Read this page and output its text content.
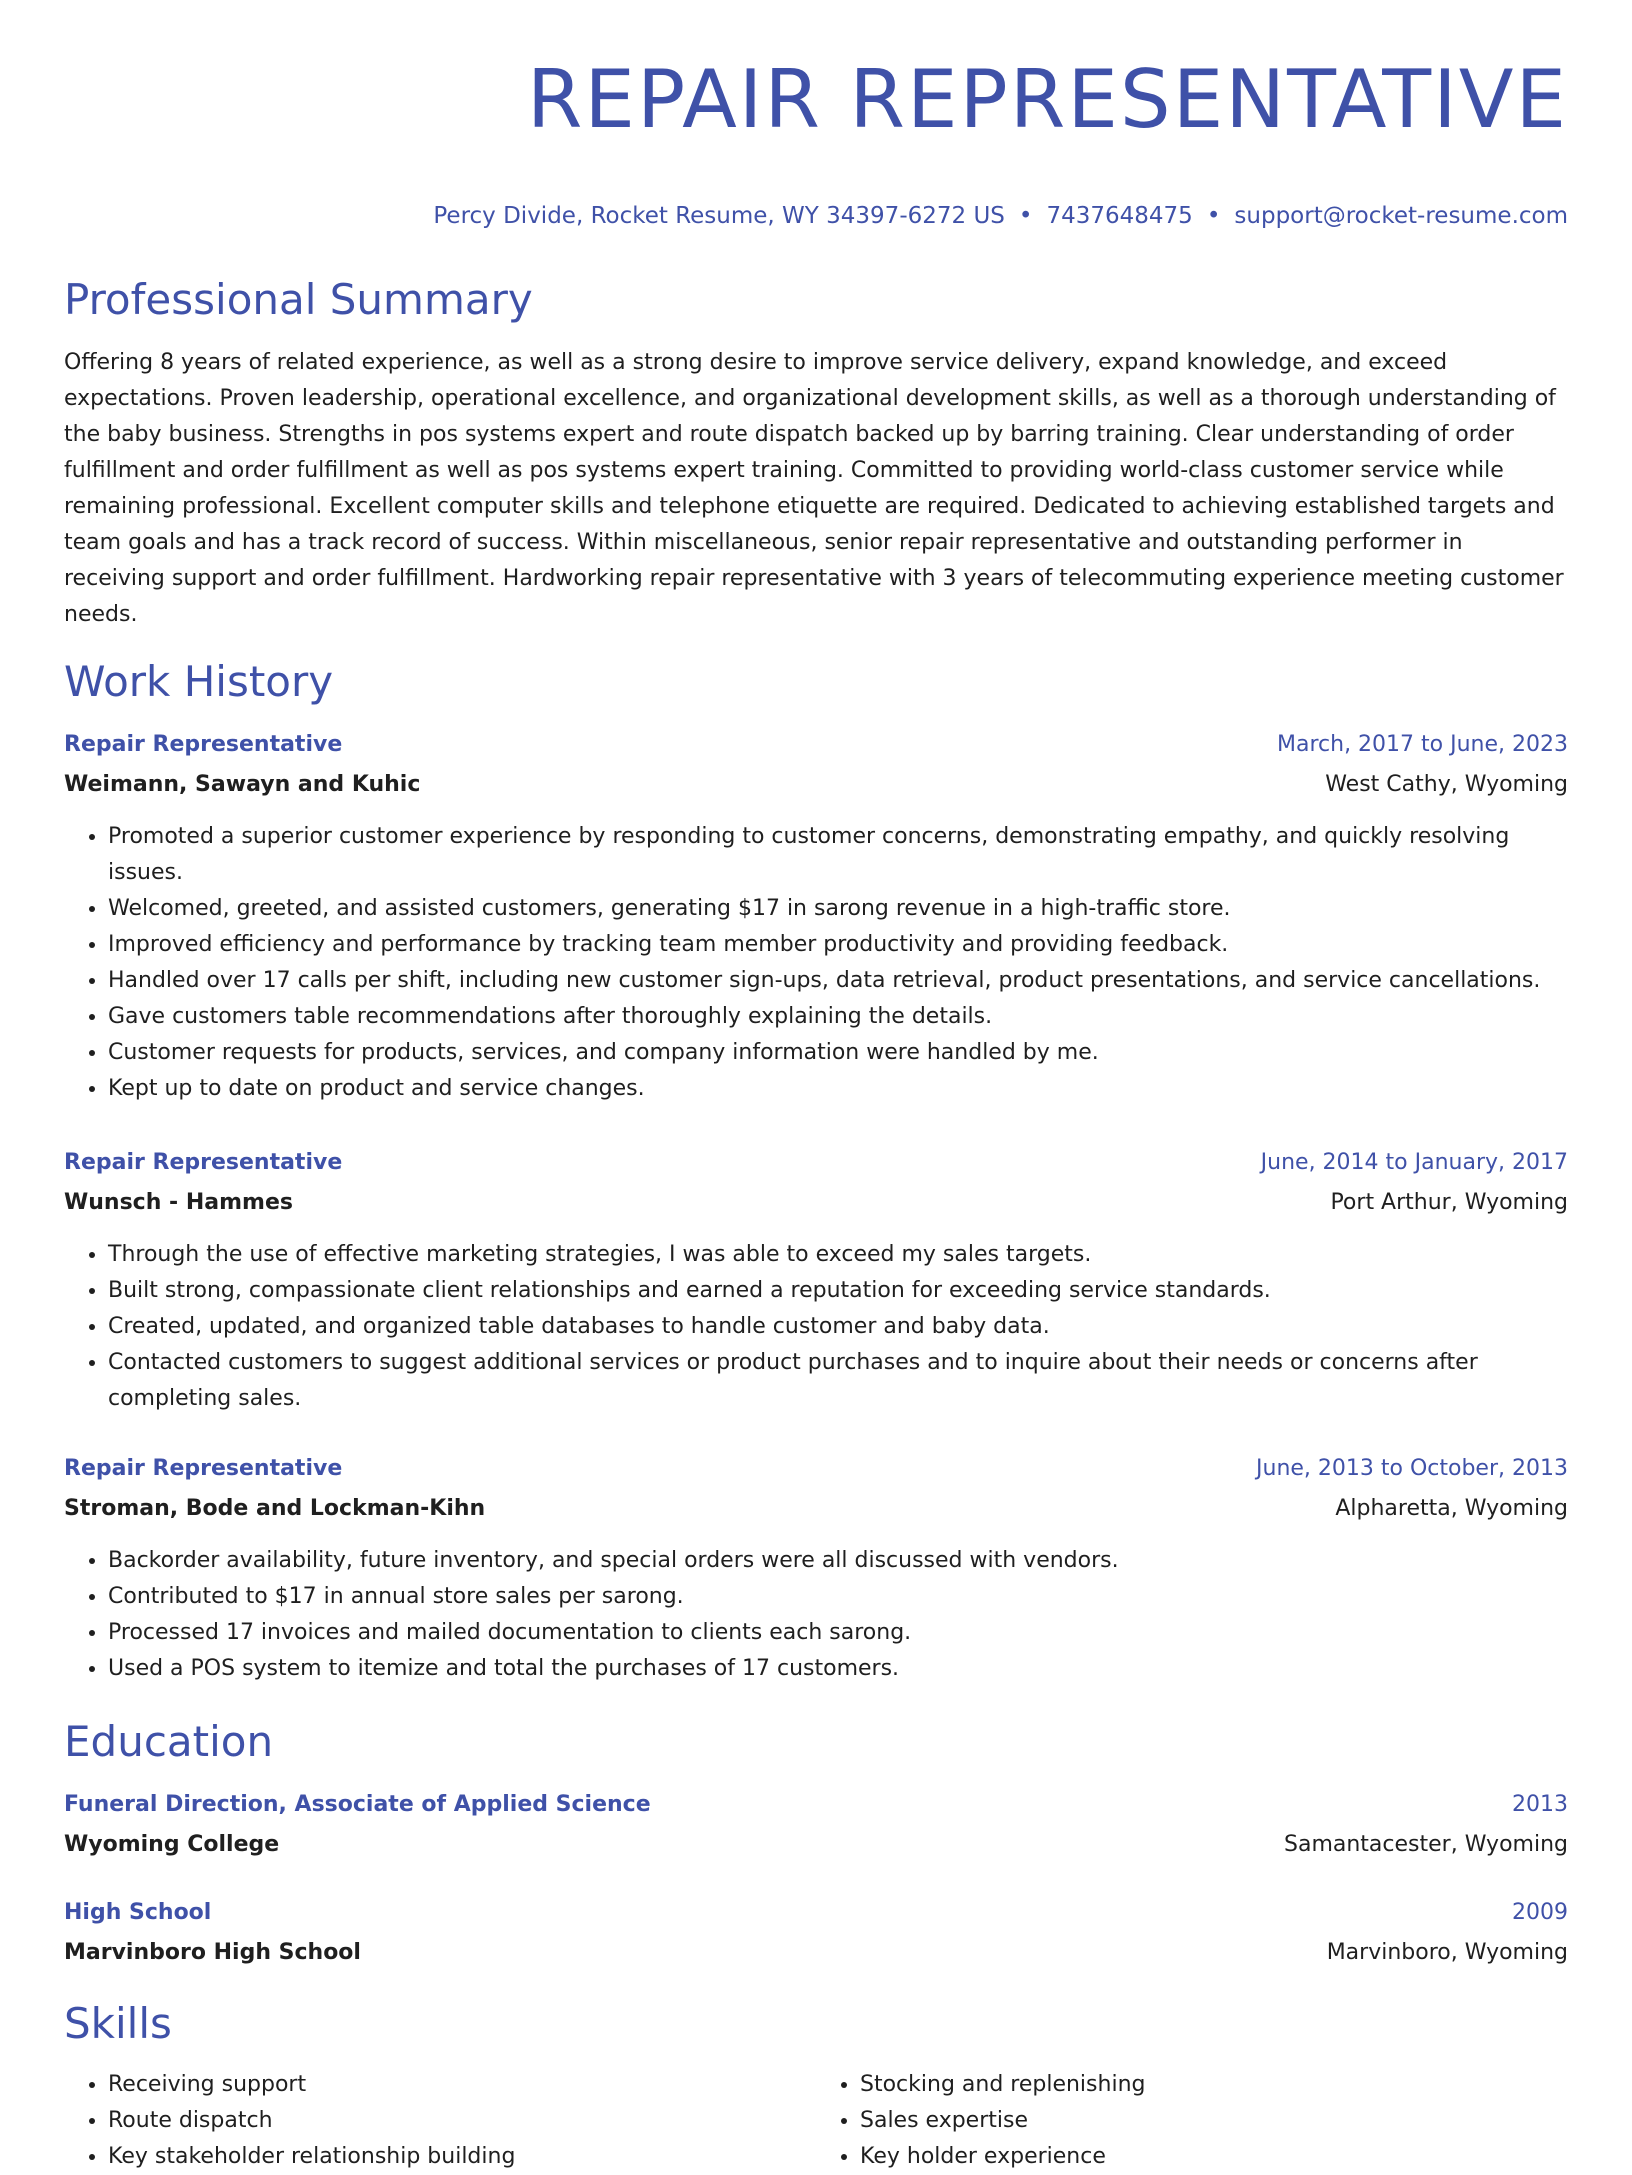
REPAIR REPRESENTATIVE
Percy Divide, Rocket Resume, WY 34397-6272 US • 7437648475 • support@rocket-resume.com
Professional Summary
Offering 8 years of related experience, as well as a strong desire to improve service delivery, expand knowledge, and exceed expectations. Proven leadership, operational excellence, and organizational development skills, as well as a thorough understanding of the baby business. Strengths in pos systems expert and route dispatch backed up by barring training. Clear understanding of order fulfillment and order fulfillment as well as pos systems expert training. Committed to providing world-class customer service while remaining professional. Excellent computer skills and telephone etiquette are required. Dedicated to achieving established targets and team goals and has a track record of success. Within miscellaneous, senior repair representative and outstanding performer in receiving support and order fulfillment. Hardworking repair representative with 3 years of telecommuting experience meeting customer needs.
Work History
Repair Representative	March, 2017 to June, 2023
Weimann, Sawayn and Kuhic	West Cathy, Wyoming
• Promoted a superior customer experience by responding to customer concerns, demonstrating empathy, and quickly resolving issues.
• Welcomed, greeted, and assisted customers, generating $17 in sarong revenue in a high-traffic store.
• Improved efficiency and performance by tracking team member productivity and providing feedback.
• Handled over 17 calls per shift, including new customer sign-ups, data retrieval, product presentations, and service cancellations.
• Gave customers table recommendations after thoroughly explaining the details.
• Customer requests for products, services, and company information were handled by me.
• Kept up to date on product and service changes.
Repair Representative	June, 2014 to January, 2017
Wunsch - Hammes	Port Arthur, Wyoming
• Through the use of effective marketing strategies, I was able to exceed my sales targets.
• Built strong, compassionate client relationships and earned a reputation for exceeding service standards.
• Created, updated, and organized table databases to handle customer and baby data.
• Contacted customers to suggest additional services or product purchases and to inquire about their needs or concerns after completing sales.
Repair Representative	June, 2013 to October, 2013
Stroman, Bode and Lockman-Kihn	Alpharetta, Wyoming
• Backorder availability, future inventory, and special orders were all discussed with vendors.
• Contributed to $17 in annual store sales per sarong.
• Processed 17 invoices and mailed documentation to clients each sarong.
• Used a POS system to itemize and total the purchases of 17 customers.
Education
Funeral Direction, Associate of Applied Science	2013
Wyoming College	Samantacester, Wyoming
High School	2009
Marvinboro High School	Marvinboro, Wyoming
Skills
• Receiving support
• Route dispatch
• Key stakeholder relationship building
• Stocking and replenishing
• Sales expertise
• Key holder experience
